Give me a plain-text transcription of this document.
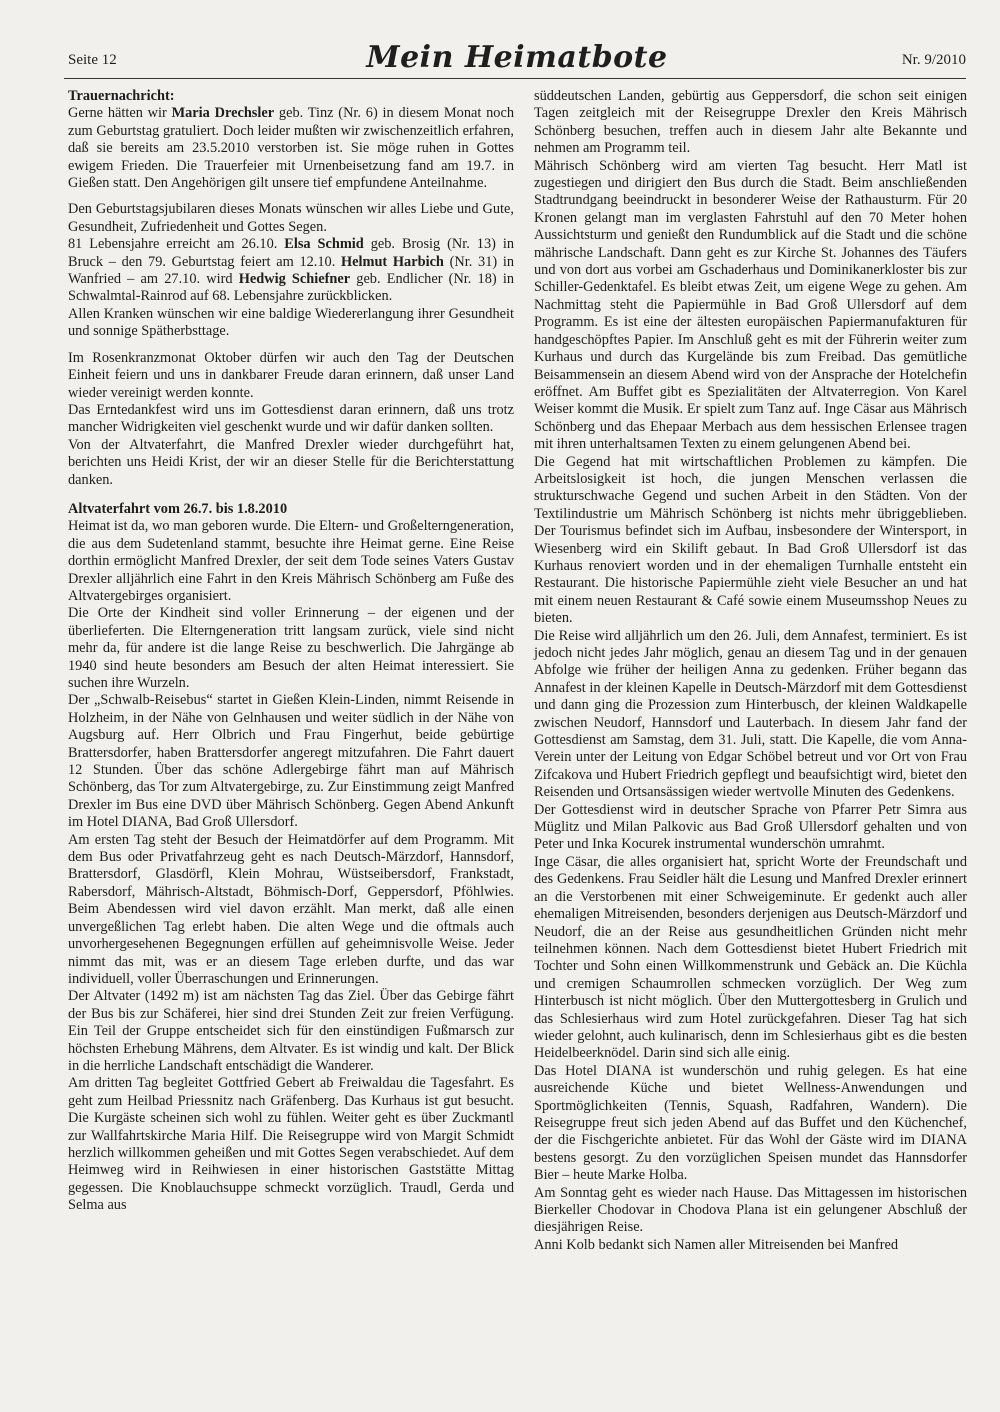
Seite 12	Mein Heimatbote	Nr. 9/2010

Trauernachricht:

Gerne hätten wir Maria Drechsler geb. Tinz (Nr. 6) in diesem Monat noch zum Geburtstag gratuliert. Doch leider mußten wir zwischenzeitlich erfahren, daß sie bereits am 23.5.2010 verstorben ist. Sie möge ruhen in Gottes ewigem Frieden. Die Trauerfeier mit Urnenbeisetzung fand am 19.7. in Gießen statt. Den Angehörigen gilt unsere tief empfundene Anteilnahme.

Den Geburtstagsjubilaren dieses Monats wünschen wir alles Liebe und Gute, Gesundheit, Zufriedenheit und Gottes Segen.

81 Lebensjahre erreicht am 26.10. Elsa Schmid geb. Brosig (Nr. 13) in Bruck – den 79. Geburtstag feiert am 12.10. Helmut Harbich (Nr. 31) in Wanfried – am 27.10. wird Hedwig Schiefner geb. Endlicher (Nr. 18) in Schwalmtal-Rainrod auf 68. Lebensjahre zurückblicken.

Allen Kranken wünschen wir eine baldige Wiedererlangung ihrer Gesundheit und sonnige Spätherbsttage.

Im Rosenkranzmonat Oktober dürfen wir auch den Tag der Deutschen Einheit feiern und uns in dankbarer Freude daran erinnern, daß unser Land wieder vereinigt werden konnte.

Das Erntedankfest wird uns im Gottesdienst daran erinnern, daß uns trotz mancher Widrigkeiten viel geschenkt wurde und wir dafür danken sollten.

Von der Altvaterfahrt, die Manfred Drexler wieder durchgeführt hat, berichten uns Heidi Krist, der wir an dieser Stelle für die Berichterstattung danken.

Altvaterfahrt vom 26.7. bis 1.8.2010

Heimat ist da, wo man geboren wurde. Die Eltern- und Großelterngeneration, die aus dem Sudetenland stammt, besuchte ihre Heimat gerne. Eine Reise dorthin ermöglicht Manfred Drexler, der seit dem Tode seines Vaters Gustav Drexler alljährlich eine Fahrt in den Kreis Mährisch Schönberg am Fuße des Altvatergebirges organisiert.

Die Orte der Kindheit sind voller Erinnerung – der eigenen und der überlieferten. Die Elterngeneration tritt langsam zurück, viele sind nicht mehr da, für andere ist die lange Reise zu beschwerlich. Die Jahrgänge ab 1940 sind heute besonders am Besuch der alten Heimat interessiert. Sie suchen ihre Wurzeln.

Der „Schwalb-Reisebus“ startet in Gießen Klein-Linden, nimmt Reisende in Holzheim, in der Nähe von Gelnhausen und weiter südlich in der Nähe von Augsburg auf. Herr Olbrich und Frau Fingerhut, beide gebürtige Brattersdorfer, haben Brattersdorfer angeregt mitzufahren. Die Fahrt dauert 12 Stunden. Über das schöne Adlergebirge fährt man auf Mährisch Schönberg, das Tor zum Altvatergebirge, zu. Zur Einstimmung zeigt Manfred Drexler im Bus eine DVD über Mährisch Schönberg. Gegen Abend Ankunft im Hotel DIANA, Bad Groß Ullersdorf.

Am ersten Tag steht der Besuch der Heimatdörfer auf dem Programm. Mit dem Bus oder Privatfahrzeug geht es nach Deutsch-Märzdorf, Hannsdorf, Brattersdorf, Glasdörfl, Klein Mohrau, Wüstseibersdorf, Frankstadt, Rabersdorf, Mährisch-Altstadt, Böhmisch-Dorf, Geppersdorf, Pföhlwies. Beim Abendessen wird viel davon erzählt. Man merkt, daß alle einen unvergeßlichen Tag erlebt haben. Die alten Wege und die oftmals auch unvorhergesehenen Begegnungen erfüllen auf geheimnisvolle Weise. Jeder nimmt das mit, was er an diesem Tage erleben durfte, und das war individuell, voller Überraschungen und Erinnerungen.

Der Altvater (1492 m) ist am nächsten Tag das Ziel. Über das Gebirge fährt der Bus bis zur Schäferei, hier sind drei Stunden Zeit zur freien Verfügung. Ein Teil der Gruppe entscheidet sich für den einstündigen Fußmarsch zur höchsten Erhebung Mährens, dem Altvater. Es ist windig und kalt. Der Blick in die herrliche Landschaft entschädigt die Wanderer.

Am dritten Tag begleitet Gottfried Gebert ab Freiwaldau die Tagesfahrt. Es geht zum Heilbad Priessnitz nach Gräfenberg. Das Kurhaus ist gut besucht. Die Kurgäste scheinen sich wohl zu fühlen. Weiter geht es über Zuckmantl zur Wallfahrtskirche Maria Hilf. Die Reisegruppe wird von Margit Schmidt herzlich willkommen geheißen und mit Gottes Segen verabschiedet. Auf dem Heimweg wird in Reihwiesen in einer historischen Gaststätte Mittag gegessen. Die Knoblauchsuppe schmeckt vorzüglich. Traudl, Gerda und Selma aus

süddeutschen Landen, gebürtig aus Geppersdorf, die schon seit einigen Tagen zeitgleich mit der Reisegruppe Drexler den Kreis Mährisch Schönberg besuchen, treffen auch in diesem Jahr alte Bekannte und nehmen am Programm teil.

Mährisch Schönberg wird am vierten Tag besucht. Herr Matl ist zugestiegen und dirigiert den Bus durch die Stadt. Beim anschließenden Stadtrundgang beeindruckt in besonderer Weise der Rathausturm. Für 20 Kronen gelangt man im verglasten Fahrstuhl auf den 70 Meter hohen Aussichtsturm und genießt den Rundumblick auf die Stadt und die schöne mährische Landschaft. Dann geht es zur Kirche St. Johannes des Täufers und von dort aus vorbei am Gschaderhaus und Dominikanerkloster bis zur Schiller-Gedenktafel. Es bleibt etwas Zeit, um eigene Wege zu gehen. Am Nachmittag steht die Papiermühle in Bad Groß Ullersdorf auf dem Programm. Es ist eine der ältesten europäischen Papiermanufakturen für handgeschöpftes Papier. Im Anschluß geht es mit der Führerin weiter zum Kurhaus und durch das Kurgelände bis zum Freibad. Das gemütliche Beisammensein an diesem Abend wird von der Ansprache der Hotelchefin eröffnet. Am Buffet gibt es Spezialitäten der Altvaterregion. Von Karel Weiser kommt die Musik. Er spielt zum Tanz auf. Inge Cäsar aus Mährisch Schönberg und das Ehepaar Merbach aus dem hessischen Erlensee tragen mit ihren unterhaltsamen Texten zu einem gelungenen Abend bei.

Die Gegend hat mit wirtschaftlichen Problemen zu kämpfen. Die Arbeitslosigkeit ist hoch, die jungen Menschen verlassen die strukturschwache Gegend und suchen Arbeit in den Städten. Von der Textilindustrie um Mährisch Schönberg ist nichts mehr übriggeblieben. Der Tourismus befindet sich im Aufbau, insbesondere der Wintersport, in Wiesenberg wird ein Skilift gebaut. In Bad Groß Ullersdorf ist das Kurhaus renoviert worden und in der ehemaligen Turnhalle entsteht ein Restaurant. Die historische Papiermühle zieht viele Besucher an und hat mit einem neuen Restaurant & Café sowie einem Museumsshop Neues zu bieten.

Die Reise wird alljährlich um den 26. Juli, dem Annafest, terminiert. Es ist jedoch nicht jedes Jahr möglich, genau an diesem Tag und in der genauen Abfolge wie früher der heiligen Anna zu gedenken. Früher begann das Annafest in der kleinen Kapelle in Deutsch-Märzdorf mit dem Gottesdienst und dann ging die Prozession zum Hinterbusch, der kleinen Waldkapelle zwischen Neudorf, Hannsdorf und Lauterbach. In diesem Jahr fand der Gottesdienst am Samstag, dem 31. Juli, statt. Die Kapelle, die vom Anna-Verein unter der Leitung von Edgar Schöbel betreut und vor Ort von Frau Zifcakova und Hubert Friedrich gepflegt und beaufsichtigt wird, bietet den Reisenden und Ortsansässigen wieder wertvolle Minuten des Gedenkens.

Der Gottesdienst wird in deutscher Sprache von Pfarrer Petr Simra aus Müglitz und Milan Palkovic aus Bad Groß Ullersdorf gehalten und von Peter und Inka Kocurek instrumental wunderschön umrahmt.

Inge Cäsar, die alles organisiert hat, spricht Worte der Freundschaft und des Gedenkens. Frau Seidler hält die Lesung und Manfred Drexler erinnert an die Verstorbenen mit einer Schweigeminute. Er gedenkt auch aller ehemaligen Mitreisenden, besonders derjenigen aus Deutsch-Märzdorf und Neudorf, die an der Reise aus gesundheitlichen Gründen nicht mehr teilnehmen können. Nach dem Gottesdienst bietet Hubert Friedrich mit Tochter und Sohn einen Willkommenstrunk und Gebäck an. Die Küchla und cremigen Schaumrollen schmecken vorzüglich. Der Weg zum Hinterbusch ist nicht möglich. Über den Muttergottesberg in Grulich und das Schlesierhaus wird zum Hotel zurückgefahren. Dieser Tag hat sich wieder gelohnt, auch kulinarisch, denn im Schlesierhaus gibt es die besten Heidelbeerknödel. Darin sind sich alle einig.

Das Hotel DIANA ist wunderschön und ruhig gelegen. Es hat eine ausreichende Küche und bietet Wellness-Anwendungen und Sportmöglichkeiten (Tennis, Squash, Radfahren, Wandern). Die Reisegruppe freut sich jeden Abend auf das Buffet und den Küchenchef, der die Fischgerichte anbietet. Für das Wohl der Gäste wird im DIANA bestens gesorgt. Zu den vorzüglichen Speisen mundet das Hannsdorfer Bier – heute Marke Holba.

Am Sonntag geht es wieder nach Hause. Das Mittagessen im historischen Bierkeller Chodovar in Chodova Plana ist ein gelungener Abschluß der diesjährigen Reise.

Anni Kolb bedankt sich Namen aller Mitreisenden bei Manfred
